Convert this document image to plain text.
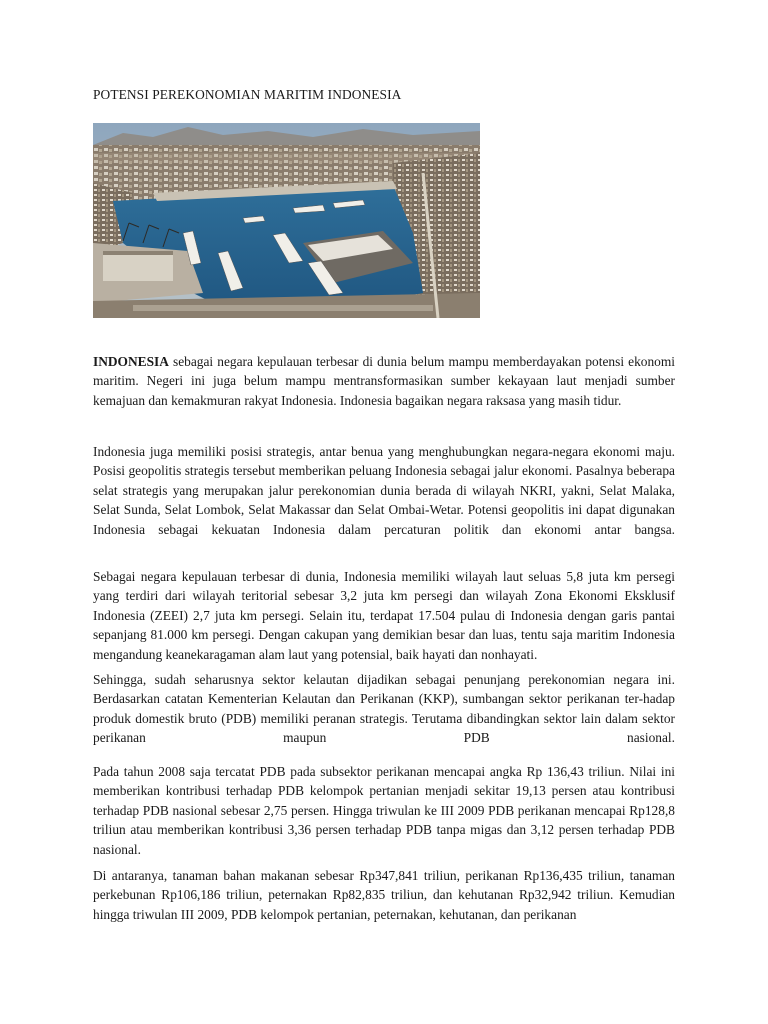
POTENSI PEREKONOMIAN MARITIM INDONESIA

INDONESIA sebagai negara kepulauan terbesar di dunia belum mampu memberdayakan potensi ekonomi maritim. Negeri ini juga belum mampu mentransformasikan sumber kekayaan laut menjadi sumber kemajuan dan kemakmuran rakyat Indonesia. Indonesia bagaikan negara raksasa yang masih tidur.

Indonesia juga memiliki posisi strategis, antar benua yang menghubungkan negara-negara ekonomi maju. Posisi geopolitis strategis tersebut memberikan peluang Indonesia sebagai jalur ekonomi. Pasalnya beberapa selat strategis yang merupakan jalur perekonomian dunia berada di wilayah NKRI, yakni, Selat Malaka, Selat Sunda, Selat Lombok, Selat Makassar dan Selat Ombai-Wetar. Potensi geopolitis ini dapat digunakan Indonesia sebagai kekuatan Indonesia dalam percaturan politik dan ekonomi antar bangsa.

Sebagai negara kepulauan terbesar di dunia, Indonesia memiliki wilayah laut seluas 5,8 juta km persegi yang terdiri dari wilayah teritorial sebesar 3,2 juta km persegi dan wilayah Zona Ekonomi Eksklusif Indonesia (ZEEI) 2,7 juta km persegi. Selain itu, terdapat 17.504 pulau di Indonesia dengan garis pantai sepanjang 81.000 km persegi. Dengan cakupan yang demikian besar dan luas, tentu saja maritim Indonesia mengandung keanekaragaman alam laut yang potensial, baik hayati dan nonhayati.

Sehingga, sudah seharusnya sektor kelautan dijadikan sebagai penunjang perekonomian negara ini. Berdasarkan catatan Kementerian Kelautan dan Perikanan (KKP), sumbangan sektor perikanan ter-hadap produk domestik bruto (PDB) memiliki peranan strategis. Terutama dibandingkan sektor lain dalam sektor perikanan maupun PDB nasional.

Pada tahun 2008 saja tercatat PDB pada subsektor perikanan mencapai angka Rp 136,43 triliun. Nilai ini memberikan kontribusi terhadap PDB kelompok pertanian menjadi sekitar 19,13 persen atau kontribusi terhadap PDB nasional sebesar 2,75 persen. Hingga triwulan ke III 2009 PDB perikanan mencapai Rp128,8 triliun atau memberikan kontribusi 3,36 persen terhadap PDB tanpa migas dan 3,12 persen terhadap PDB nasional.

Di antaranya, tanaman bahan makanan sebesar Rp347,841 triliun, perikanan Rp136,435 triliun, tanaman perkebunan Rp106,186 triliun, peternakan Rp82,835 triliun, dan kehutanan Rp32,942 triliun. Kemudian hingga triwulan III 2009, PDB kelompok pertanian, peternakan, kehutanan, dan perikanan
